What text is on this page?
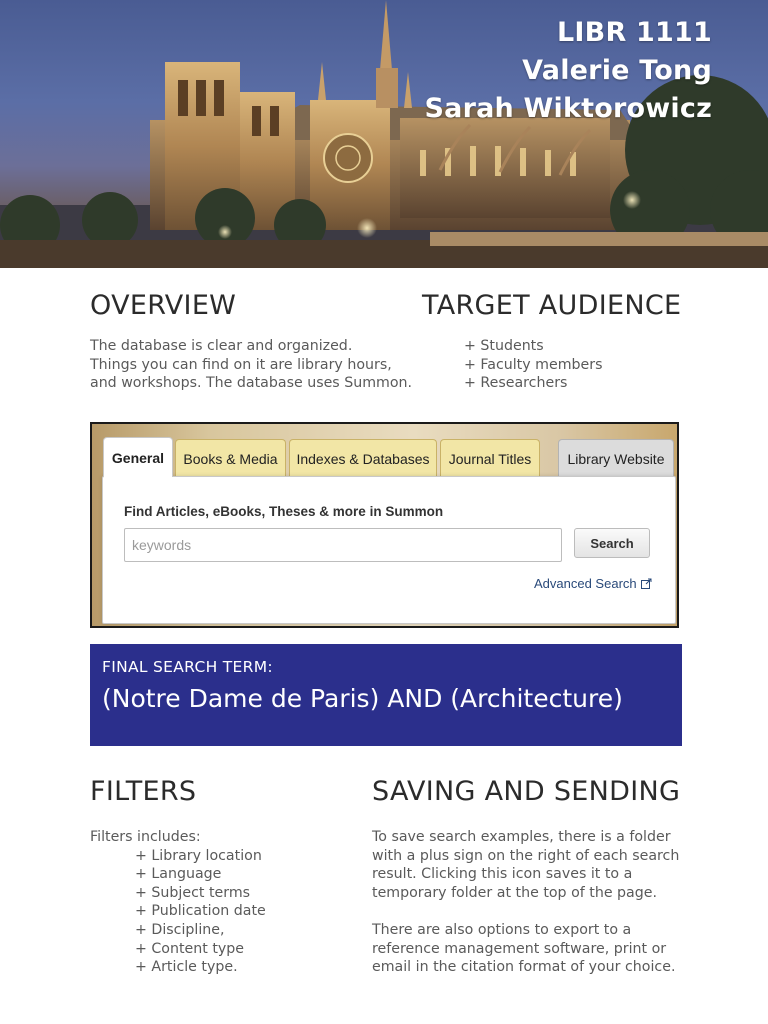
LIBR 1111
Valerie Tong
Sarah Wiktorowicz
OVERVIEW
The database is clear and organized.
Things you can find on it are library hours,
and workshops. The database uses Summon.
TARGET AUDIENCE
+ Students
+ Faculty members
+ Researchers
General	Books & Media	Indexes & Databases	Journal Titles	Library Website
Find Articles, eBooks, Theses & more in Summon
keywords
Search
Advanced Search
FINAL SEARCH TERM:
(Notre Dame de Paris) AND (Architecture)
FILTERS
Filters includes:
+ Library location
+ Language
+ Subject terms
+ Publication date
+ Discipline,
+ Content type
+ Article type.
SAVING AND SENDING
To save search examples, there is a folder
with a plus sign on the right of each search
result. Clicking this icon saves it to a
temporary folder at the top of the page.
There are also options to export to a
reference management software, print or
email in the citation format of your choice.
